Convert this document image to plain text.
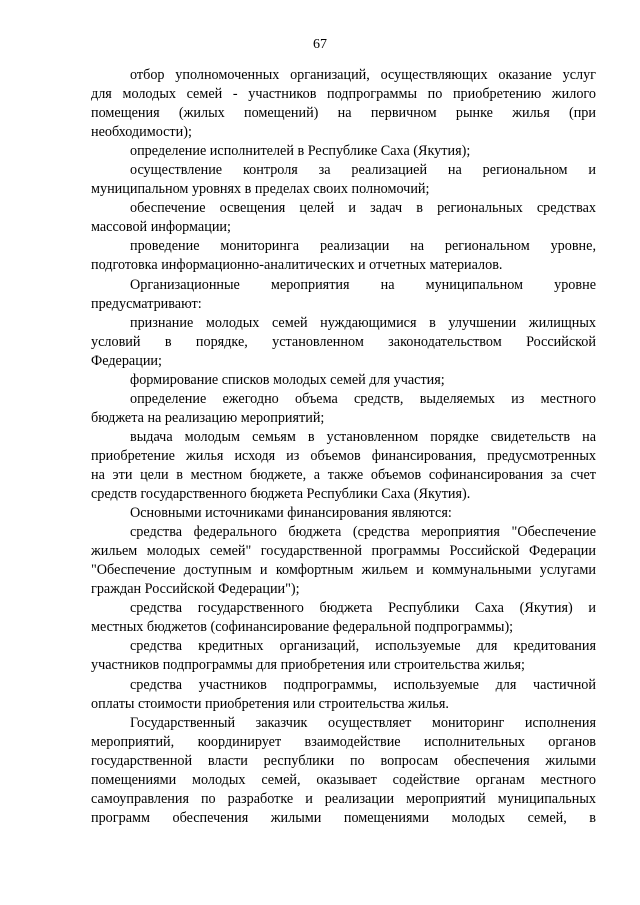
67
отбор уполномоченных организаций, осуществляющих оказание услуг
для молодых семей - участников подпрограммы по приобретению жилого
помещения (жилых помещений) на первичном рынке жилья (при
необходимости);
определение исполнителей в Республике Саха (Якутия);
осуществление контроля за реализацией на региональном и
муниципальном уровнях в пределах своих полномочий;
обеспечение освещения целей и задач в региональных средствах
массовой информации;
проведение мониторинга реализации на региональном уровне,
подготовка информационно-аналитических и отчетных материалов.
Организационные мероприятия на муниципальном уровне
предусматривают:
признание молодых семей нуждающимися в улучшении жилищных
условий в порядке, установленном законодательством Российской
Федерации;
формирование списков молодых семей для участия;
определение ежегодно объема средств, выделяемых из местного
бюджета на реализацию мероприятий;
выдача молодым семьям в установленном порядке свидетельств на
приобретение жилья исходя из объемов финансирования, предусмотренных
на эти цели в местном бюджете, а также объемов софинансирования за счет
средств государственного бюджета Республики Саха (Якутия).
Основными источниками финансирования являются:
средства федерального бюджета (средства мероприятия "Обеспечение
жильем молодых семей" государственной программы Российской Федерации
"Обеспечение доступным и комфортным жильем и коммунальными услугами
граждан Российской Федерации");
средства государственного бюджета Республики Саха (Якутия) и
местных бюджетов (софинансирование федеральной подпрограммы);
средства кредитных организаций, используемые для кредитования
участников подпрограммы для приобретения или строительства жилья;
средства участников подпрограммы, используемые для частичной
оплаты стоимости приобретения или строительства жилья.
Государственный заказчик осуществляет мониторинг исполнения
мероприятий, координирует взаимодействие исполнительных органов
государственной власти республики по вопросам обеспечения жилыми
помещениями молодых семей, оказывает содействие органам местного
самоуправления по разработке и реализации мероприятий муниципальных
программ обеспечения жилыми помещениями молодых семей, в
